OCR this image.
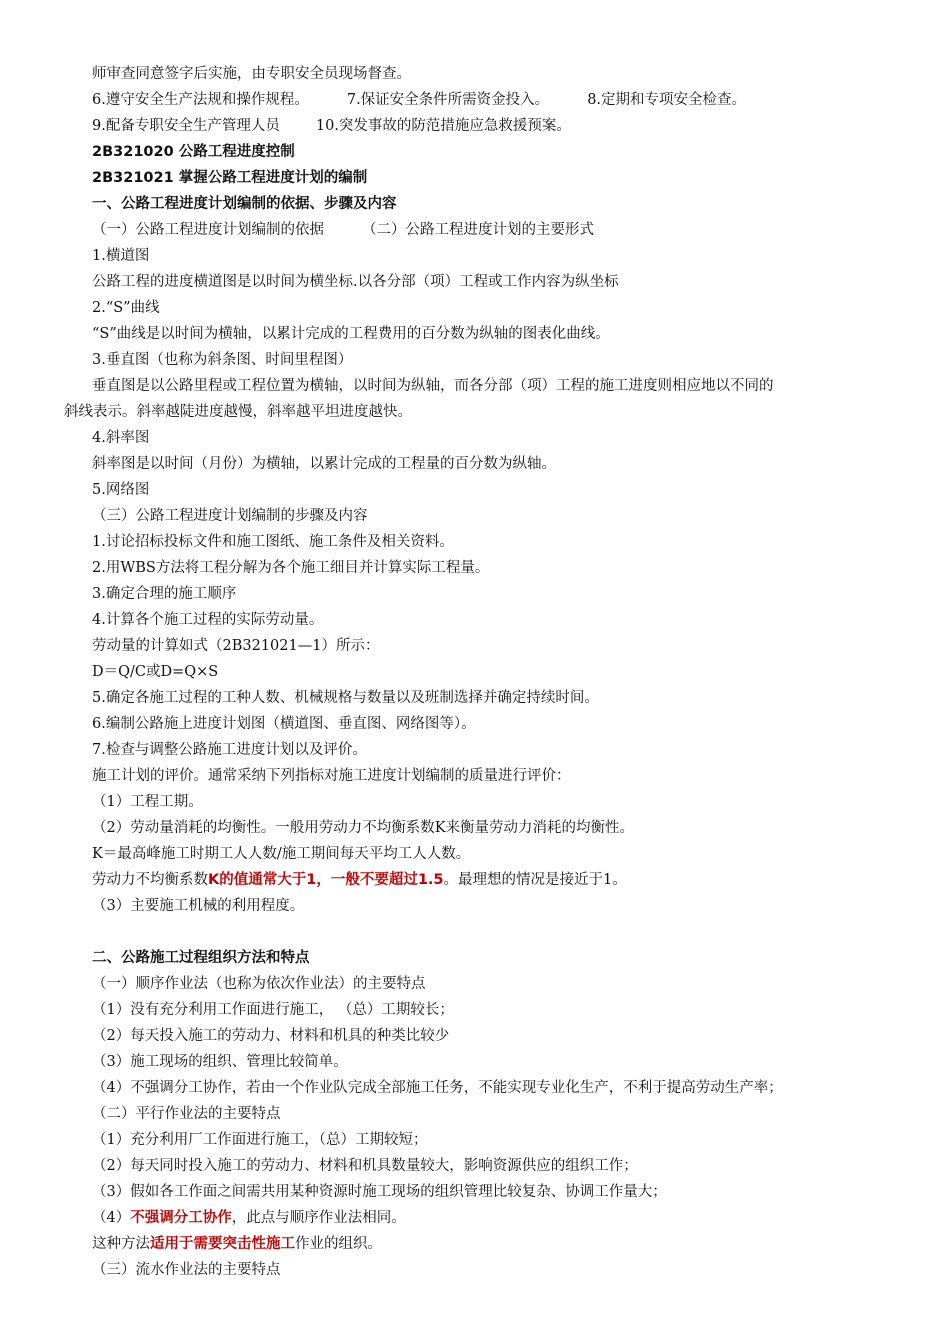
师审查同意签字后实施，由专职安全员现场督查。
6.遵守安全生产法规和操作规程。	7.保证安全条件所需资金投入。	8.定期和专项安全检查。
9.配备专职安全生产管理人员 10.突发事故的防范措施应急救援预案。
2B321020 公路工程进度控制
2B321021 掌握公路工程进度计划的编制
一、公路工程进度计划编制的依据、步骤及内容
（一）公路工程进度计划编制的依据	（二）公路工程进度计划的主要形式
1.横道图
公路工程的进度横道图是以时间为横坐标.以各分部（项）工程或工作内容为纵坐标
2.“S”曲线
“S”曲线是以时间为横轴，以累计完成的工程费用的百分数为纵轴的图表化曲线。
3.垂直图（也称为斜条图、时间里程图）
垂直图是以公路里程或工程位置为横轴，以时间为纵轴，而各分部（项）工程的施工进度则相应地以不同的
斜线表示。斜率越陡进度越慢，斜率越平坦进度越快。
4.斜率图
斜率图是以时间（月份）为横轴，以累计完成的工程量的百分数为纵轴。
5.网络图
（三）公路工程进度计划编制的步骤及内容
1.讨论招标投标文件和施工图纸、施工条件及相关资料。
2.用WBS方法将工程分解为各个施工细目并计算实际工程量。
3.确定合理的施工顺序
4.计算各个施工过程的实际劳动量。
劳动量的计算如式（2B321021—1）所示：
D＝Q/C或D=Q×S
5.确定各施工过程的工种人数、机械规格与数量以及班制选择并确定持续时间。
6.编制公路施上进度计划图（横道图、垂直图、网络图等）。
7.检查与调整公路施工进度计划以及评价。
施工计划的评价。通常采纳下列指标对施工进度计划编制的质量进行评价：
（1）工程工期。
（2）劳动量消耗的均衡性。一般用劳动力不均衡系数K来衡量劳动力消耗的均衡性。
K＝最高峰施工时期工人人数/施工期间每天平均工人人数。
劳动力不均衡系数K的值通常大于1，一般不要超过1.5。最理想的情况是接近于1。
（3）主要施工机械的利用程度。
二、公路施工过程组织方法和特点
（一）顺序作业法（也称为依次作业法）的主要特点
（1）没有充分利用工作面进行施工， （总）工期较长；
（2）每天投入施工的劳动力、材料和机具的种类比较少
（3）施工现场的组织、管理比较简单。
（4）不强调分工协作，若由一个作业队完成全部施工任务，不能实现专业化生产，不利于提高劳动生产率；
（二）平行作业法的主要特点
（1）充分利用厂工作面进行施工，（总）工期较短；
（2）每天同时投入施工的劳动力、材料和机具数量较大，影响资源供应的组织工作；
（3）假如各工作面之间需共用某种资源时施工现场的组织管理比较复杂、协调工作量大；
（4）不强调分工协作，此点与顺序作业法相同。
这种方法适用于需要突击性施工作业的组织。
（三）流水作业法的主要特点
